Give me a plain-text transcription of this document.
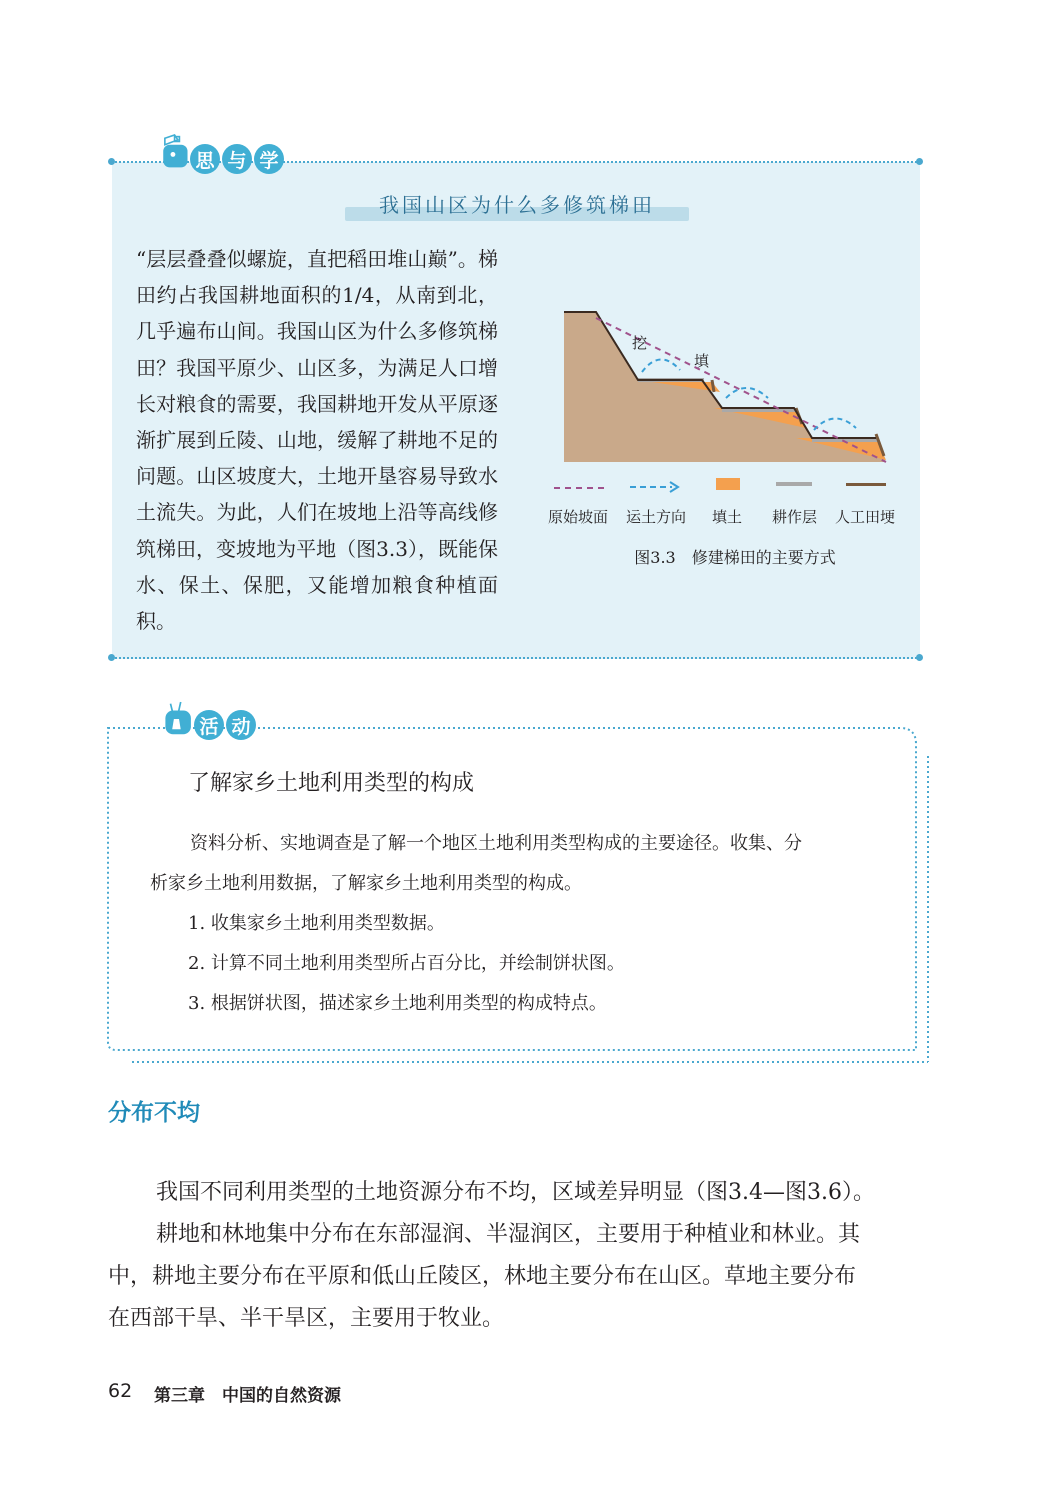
思 与 学
我国山区为什么多修筑梯田
“层层叠叠似螺旋，直把稻田堆山巅”。梯田约占我国耕地面积的1/4，从南到北，几乎遍布山间。我国山区为什么多修筑梯田？我国平原少、山区多，为满足人口增长对粮食的需要，我国耕地开发从平原逐渐扩展到丘陵、山地，缓解了耕地不足的问题。山区坡度大，土地开垦容易导致水土流失。为此，人们在坡地上沿等高线修筑梯田，变坡地为平地（图3.3），既能保水、保土、保肥，又能增加粮食种植面积。
挖
填
原始坡面 运土方向 填土 耕作层 人工田埂
图3.3　修建梯田的主要方式
活 动
了解家乡土地利用类型的构成
资料分析、实地调查是了解一个地区土地利用类型构成的主要途径。收集、分
析家乡土地利用数据，了解家乡土地利用类型的构成。
1. 收集家乡土地利用类型数据。
2. 计算不同土地利用类型所占百分比，并绘制饼状图。
3. 根据饼状图，描述家乡土地利用类型的构成特点。
分布不均
我国不同利用类型的土地资源分布不均，区域差异明显（图3.4—图3.6）。
耕地和林地集中分布在东部湿润、半湿润区，主要用于种植业和林业。其
中，耕地主要分布在平原和低山丘陵区，林地主要分布在山区。草地主要分布
在西部干旱、半干旱区，主要用于牧业。
62 第三章　中国的自然资源
